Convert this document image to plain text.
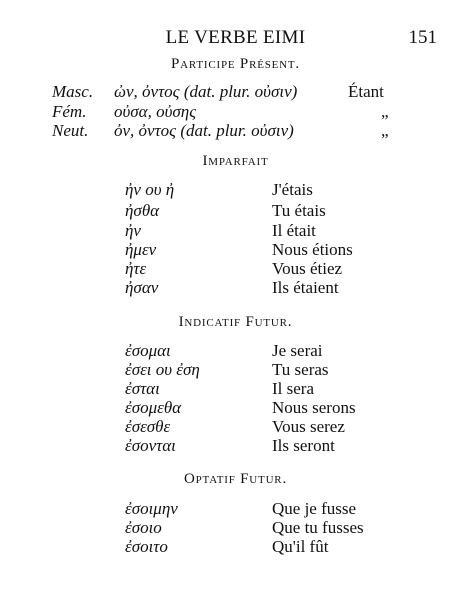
LE VERBE EIMI	151
Participe Présent.
Masc. ὠν, ὀντος (dat. plur. οὐσιν)	Étant
Fém. οὐσα, οὐσης	„
Neut. ὀν, ὀντος (dat. plur. οὐσιν)	„
Imparfait
ἠν ου ἠ	J'étais
ἠσθα	Tu étais
ἠν	Il était
ἠμεν	Nous étions
ἠτε	Vous étiez
ἠσαν	Ils étaient
Indicatif Futur.
ἐσομαι	Je serai
ἐσει ου ἐση	Tu seras
ἐσται	Il sera
ἐσομεθα	Nous serons
ἐσεσθε	Vous serez
ἐσονται	Ils seront
Optatif Futur.
ἐσοιμην	Que je fusse
ἐσοιο	Que tu fusses
ἐσοιτο	Qu'il fût
